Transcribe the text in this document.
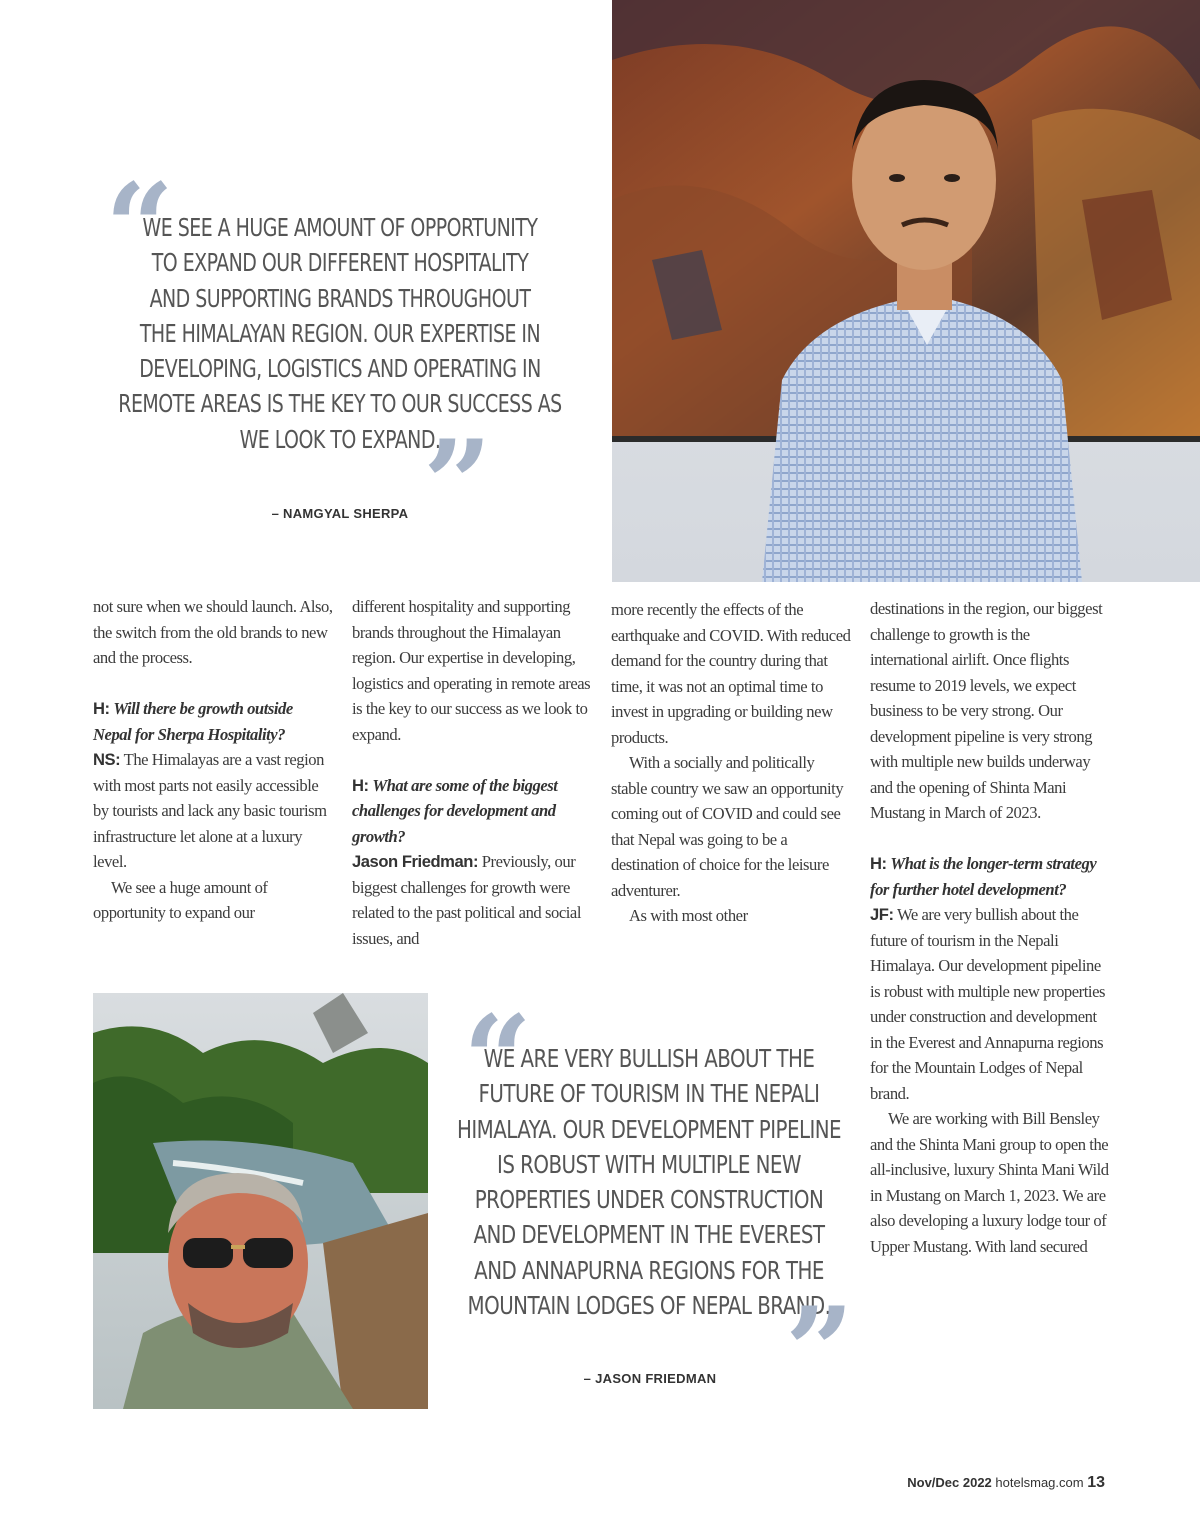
“
WE SEE A HUGE AMOUNT OF OPPORTUNITY
TO EXPAND OUR DIFFERENT HOSPITALITY
AND SUPPORTING BRANDS THROUGHOUT
THE HIMALAYAN REGION. OUR EXPERTISE IN
DEVELOPING, LOGISTICS AND OPERATING IN
REMOTE AREAS IS THE KEY TO OUR SUCCESS AS
WE LOOK TO EXPAND.
”
– NAMGYAL SHERPA

not sure when we should launch. Also, the switch from the old brands to new and the process.

H: Will there be growth outside Nepal for Sherpa Hospitality?

NS: The Himalayas are a vast region with most parts not easily accessible by tourists and lack any basic tourism infrastructure let alone at a luxury level.

We see a huge amount of opportunity to expand our

different hospitality and supporting brands throughout the Himalayan region. Our expertise in developing, logistics and operating in remote areas is the key to our success as we look to expand.

H: What are some of the biggest challenges for development and growth?

Jason Friedman: Previously, our biggest challenges for growth were related to the past political and social issues, and

more recently the effects of the earthquake and COVID. With reduced demand for the country during that time, it was not an optimal time to invest in upgrading or building new products.

With a socially and politically stable country we saw an opportunity coming out of COVID and could see that Nepal was going to be a destination of choice for the leisure adventurer.

As with most other

destinations in the region, our biggest challenge to growth is the international airlift. Once flights resume to 2019 levels, we expect business to be very strong. Our development pipeline is very strong with multiple new builds underway and the opening of Shinta Mani Mustang in March of 2023.

H: What is the longer-term strategy for further hotel development?

JF: We are very bullish about the future of tourism in the Nepali Himalaya. Our development pipeline is robust with multiple new properties under construction and development in the Everest and Annapurna regions for the Mountain Lodges of Nepal brand.

We are working with Bill Bensley and the Shinta Mani group to open the all-inclusive, luxury Shinta Mani Wild in Mustang on March 1, 2023. We are also developing a luxury lodge tour of Upper Mustang. With land secured

“
WE ARE VERY BULLISH ABOUT THE
FUTURE OF TOURISM IN THE NEPALI
HIMALAYA. OUR DEVELOPMENT PIPELINE
IS ROBUST WITH MULTIPLE NEW
PROPERTIES UNDER CONSTRUCTION
AND DEVELOPMENT IN THE EVEREST
AND ANNAPURNA REGIONS FOR THE
MOUNTAIN LODGES OF NEPAL BRAND.
”
– JASON FRIEDMAN
Nov/Dec 2022 hotelsmag.com 13
